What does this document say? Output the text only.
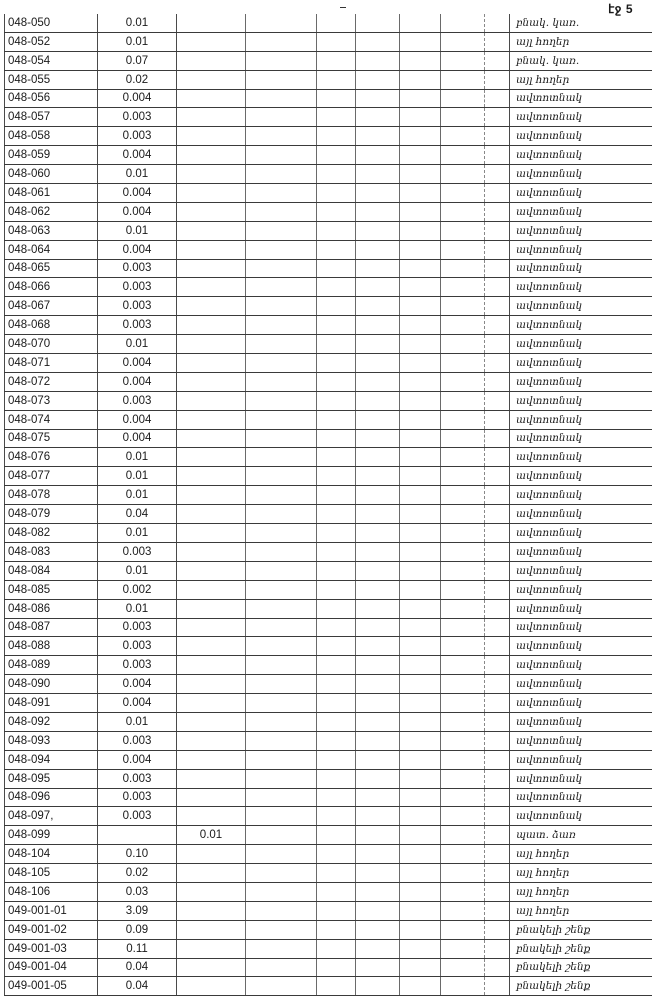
էջ 5
048-050	0.01								բնակ. կառ.
048-052	0.01								այլ հողեր
048-054	0.07								բնակ. կառ.
048-055	0.02								այլ հողեր
048-056	0.004								ավտոտնակ
048-057	0.003								ավտոտնակ
048-058	0.003								ավտոտնակ
048-059	0.004								ավտոտնակ
048-060	0.01								ավտոտնակ
048-061	0.004								ավտոտնակ
048-062	0.004								ավտոտնակ
048-063	0.01								ավտոտնակ
048-064	0.004								ավտոտնակ
048-065	0.003								ավտոտնակ
048-066	0.003								ավտոտնակ
048-067	0.003								ավտոտնակ
048-068	0.003								ավտոտնակ
048-070	0.01								ավտոտնակ
048-071	0.004								ավտոտնակ
048-072	0.004								ավտոտնակ
048-073	0.003								ավտոտնակ
048-074	0.004								ավտոտնակ
048-075	0.004								ավտոտնակ
048-076	0.01								ավտոտնակ
048-077	0.01								ավտոտնակ
048-078	0.01								ավտոտնակ
048-079	0.04								ավտոտնակ
048-082	0.01								ավտոտնակ
048-083	0.003								ավտոտնակ
048-084	0.01								ավտոտնակ
048-085	0.002								ավտոտնակ
048-086	0.01								ավտոտնակ
048-087	0.003								ավտոտնակ
048-088	0.003								ավտոտնակ
048-089	0.003								ավտոտնակ
048-090	0.004								ավտոտնակ
048-091	0.004								ավտոտնակ
048-092	0.01								ավտոտնակ
048-093	0.003								ավտոտնակ
048-094	0.004								ավտոտնակ
048-095	0.003								ավտոտնակ
048-096	0.003								ավտոտնակ
048-097,	0.003								ավտոտնակ
048-099		0.01							պատ. ձառ
048-104	0.10								այլ հողեր
048-105	0.02								այլ հողեր
048-106	0.03								այլ հողեր
049-001-01	3.09								այլ հողեր
049-001-02	0.09								բնակելի շենք
049-001-03	0.11								բնակելի շենք
049-001-04	0.04								բնակելի շենք
049-001-05	0.04								բնակելի շենք
